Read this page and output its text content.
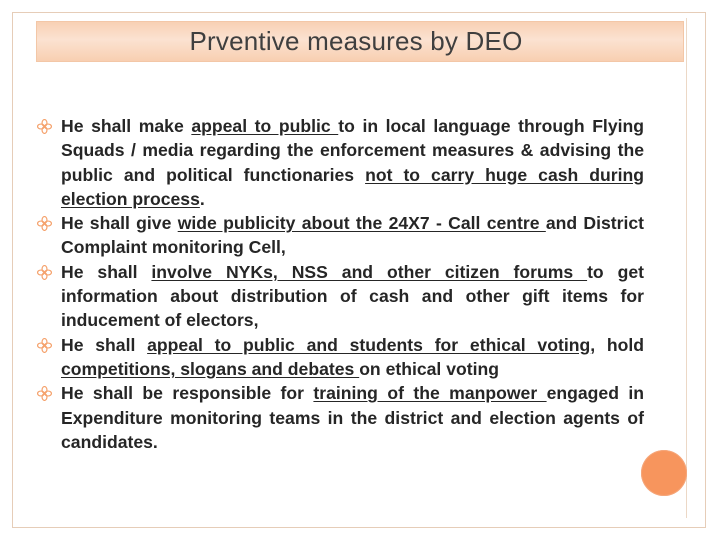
Prventive measures by DEO
He shall make appeal to public to in local language through Flying Squads / media regarding the enforcement measures & advising the public and political functionaries not to carry huge cash during election process.
He shall give wide publicity about the 24X7 - Call centre and District Complaint monitoring Cell,
He shall involve NYKs, NSS and other citizen forums to get information about distribution of cash and other gift items for inducement of electors,
He shall appeal to public and students for ethical voting, hold competitions, slogans and debates on ethical voting
He shall be responsible for training of the manpower engaged in Expenditure monitoring teams in the district and election agents of candidates.
